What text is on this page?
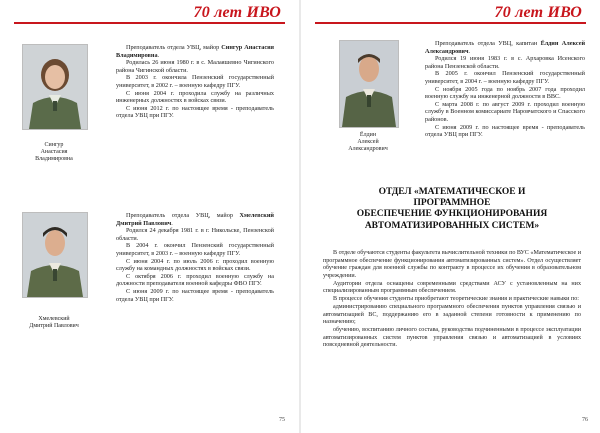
70 лет ИВО
Сингур
Анастасия
Владимировна

Преподаватель отдела УВЦ, майор Сингур Анастасия Владимировна.

Родилась 26 июня 1980 г. в с. Малаяшевно Чигинского района Чигинской области.

В 2003 г. окончила Пензенский государственный университет, в 2002 г. – военную кафедру ПГУ.

С июня 2004 г. проходила службу на различных инженерных должностях в войсках связи.

С июня 2012 г. по настоящее время - преподаватель отдела УВЦ при ПГУ.

Хмелевский
Дмитрий Павлович

Преподаватель отдела УВЦ, майор Хмелевский Дмитрий Павлович.

Родился 24 декабря 1981 г. в г. Никольске, Пензенской области.

В 2004 г. окончил Пензенский государственный университет, в 2003 г. – военную кафедру ПГУ.

С июня 2004 г. по июль 2006 г. проходил военную службу на командных должностях в войсках связи.

С октября 2006 г. проходил военную службу на должности преподавателя военной кафедры ФВО ПГУ.

С июня 2009 г. по настоящее время - преподаватель отдела УВЦ при ПГУ.

75
70 лет ИВО
Ёлдин
Алексей
Александрович

Преподаватель отдела УВЦ, капитан Ёлдин Алексей Александрович.

Родился 19 июня 1983 г. в с. Архаровка Исенского района Пензенской области.

В 2005 г. окончил Пензенский государственный университет, в 2004 г. – военную кафедру ПГУ.

С ноября 2005 года по ноябрь 2007 года проходил военную службу на инженерной должности в ВВС.

С марта 2008 г. по август 2009 г. проходил военную службу в Военном комиссариате Наровчатского и Спасского районов.

С июня 2009 г. по настоящее время - преподаватель отдела УВЦ при ПГУ.

ОТДЕЛ «МАТЕМАТИЧЕСКОЕ И
ПРОГРАММНОЕ
ОБЕСПЕЧЕНИЕ ФУНКЦИОНИРОВАНИЯ
АВТОМАТИЗИРОВАННЫХ СИСТЕМ»

В отделе обучаются студенты факультета вычислительной техники по ВУС «Математическое и программное обеспечение функционирования автоматизированных систем». Отдел осуществляет обучение граждан для военной службы по контракту в процессе их обучения в образовательном учреждении.

Аудитории отдела оснащены современными средствами АСУ с установленным на них специализированным программным обеспечением.

В процессе обучения студенты приобретают теоретические знания и практические навыки по:

администрированию специального программного обеспечения пунктов управления связью и автоматизацией ВС, поддержанию его в заданной степени готовности к применению по назначению;

обучению, воспитанию личного состава, руководства подчиненными в процессе эксплуатации автоматизированных систем пунктов управления связью и автоматизацией в условиях повседневной деятельности.

76
